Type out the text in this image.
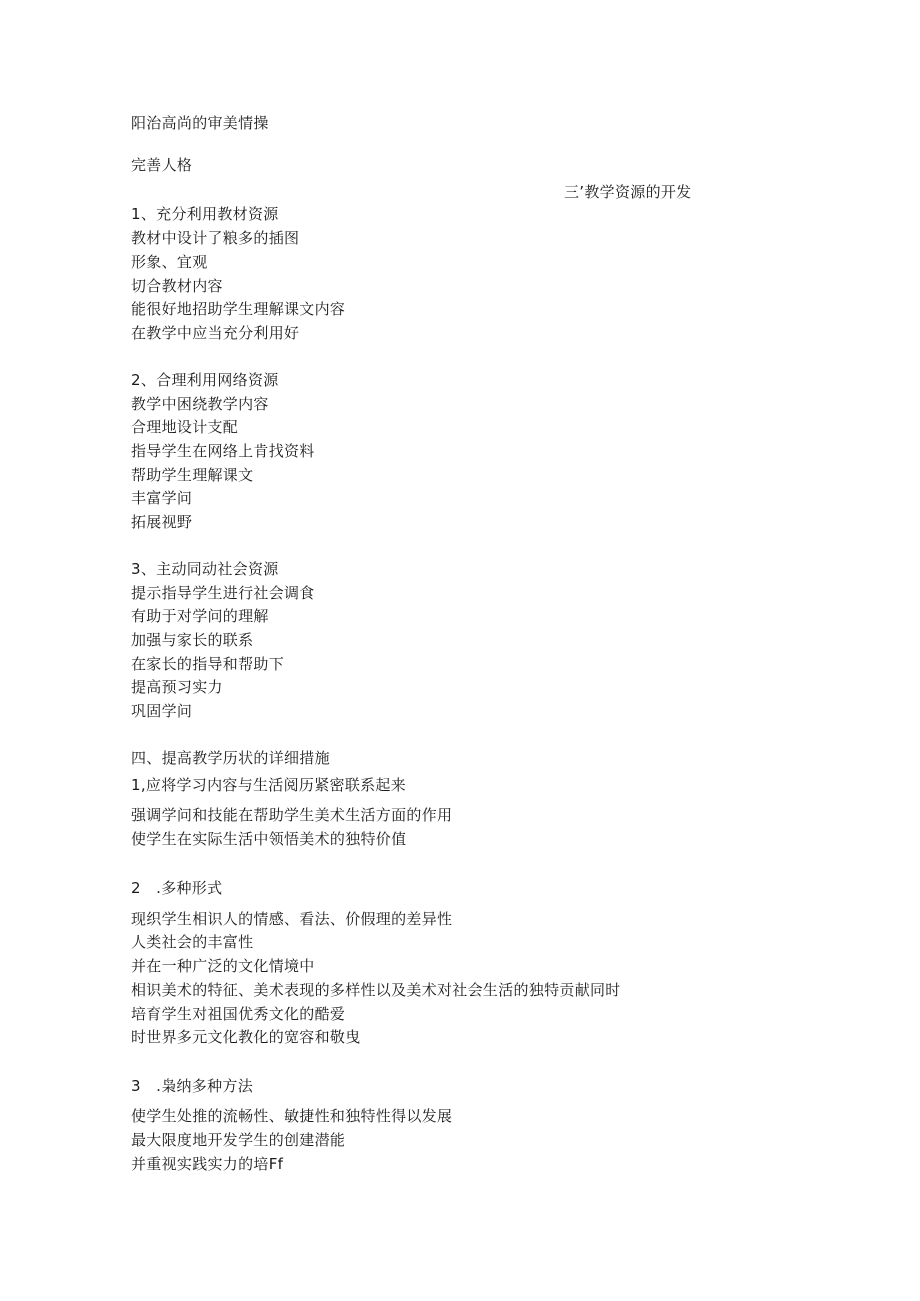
阳治高尚的审美情操
完善人格
三’教学资源的开发
1、充分利用教材资源
教材中设计了粮多的插图
形象、宜观
切合教材内容
能很好地招助学生理解课文内容
在教学中应当充分利用好
2、合理利用网络资源
教学中困绕教学内容
合理地设计支配
指导学生在网络上肯找资料
帮助学生理解课文
丰富学问
拓展视野
3、主动同动社会资源
提示指导学生进行社会调食
有助于对学问的理解
加强与家长的联系
在家长的指导和帮助下
提高预习实力
巩固学问
四、提高教学历状的详细措施
1,应将学习内容与生活阅历紧密联系起来
强调学问和技能在帮助学生美术生活方面的作用
使学生在实际生活中领悟美术的独特价值
2　.多种形式
现织学生相识人的情感、看法、价假理的差异性
人类社会的丰富性
并在一种广泛的文化情境中
相识美术的特征、美术表现的多样性以及美术对社会生活的独特贡献同时
培育学生对祖国优秀文化的酷爱
时世界多元文化教化的宽容和敬曳
3　.枭纳多种方法
使学生处推的流畅性、敏捷性和独特性得以发展
最大限度地开发学生的创建潜能
并重视实践实力的培Ff
